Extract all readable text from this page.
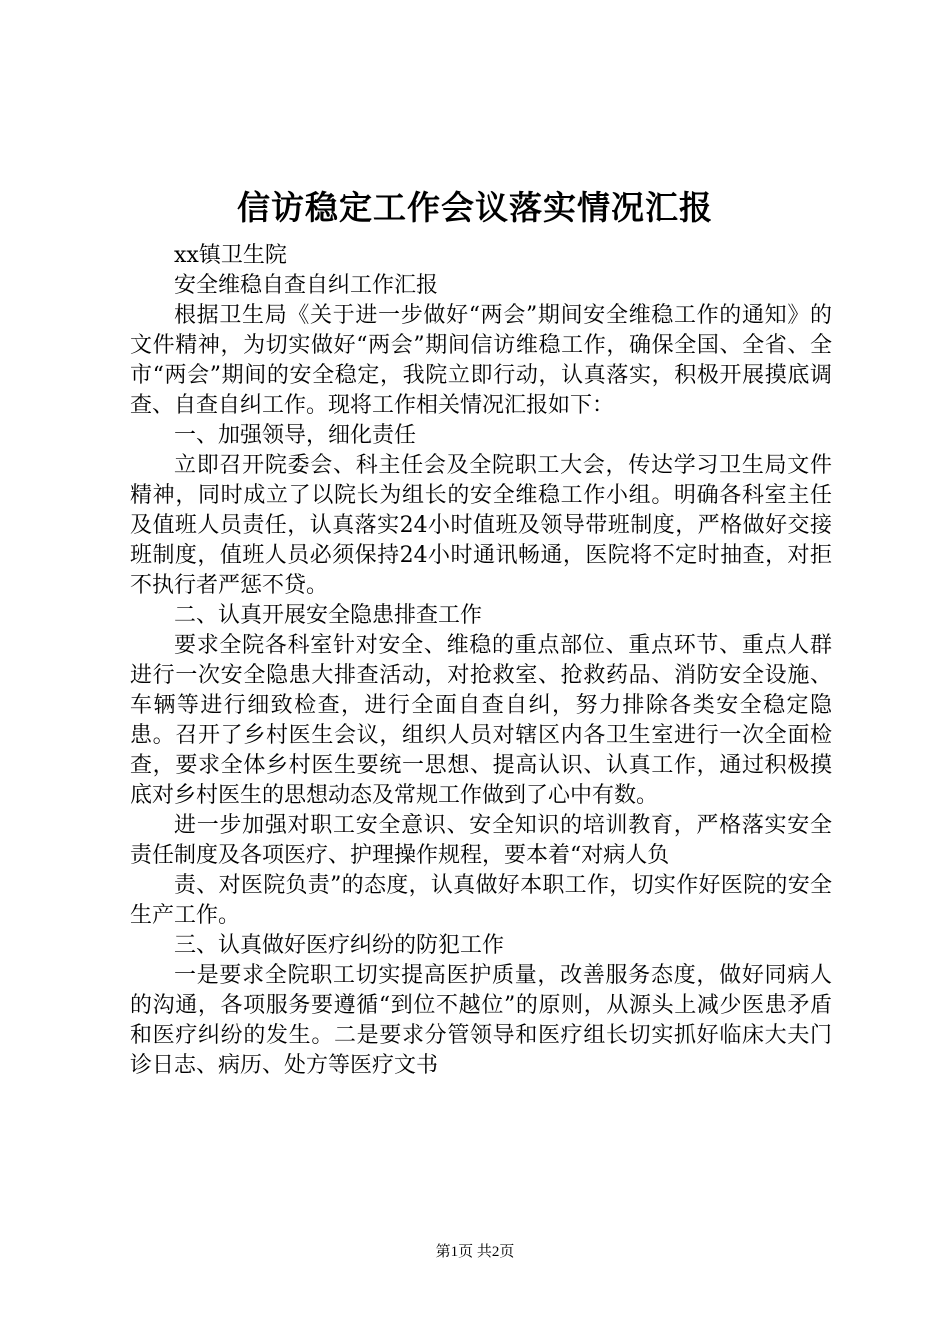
信访稳定工作会议落实情况汇报

xx镇卫生院

安全维稳自查自纠工作汇报

根据卫生局《关于进一步做好“两会”期间安全维稳工作的通知》的文件精神，为切实做好“两会”期间信访维稳工作，确保全国、全省、全市“两会”期间的安全稳定，我院立即行动，认真落实，积极开展摸底调查、自查自纠工作。现将工作相关情况汇报如下：

一、加强领导，细化责任

立即召开院委会、科主任会及全院职工大会，传达学习卫生局文件精神，同时成立了以院长为组长的安全维稳工作小组。明确各科室主任及值班人员责任，认真落实24小时值班及领导带班制度，严格做好交接班制度，值班人员必须保持24小时通讯畅通，医院将不定时抽查，对拒不执行者严惩不贷。

二、认真开展安全隐患排查工作

要求全院各科室针对安全、维稳的重点部位、重点环节、重点人群进行一次安全隐患大排查活动，对抢救室、抢救药品、消防安全设施、车辆等进行细致检查，进行全面自查自纠，努力排除各类安全稳定隐患。召开了乡村医生会议，组织人员对辖区内各卫生室进行一次全面检查，要求全体乡村医生要统一思想、提高认识、认真工作，通过积极摸底对乡村医生的思想动态及常规工作做到了心中有数。

进一步加强对职工安全意识、安全知识的培训教育，严格落实安全责任制度及各项医疗、护理操作规程，要本着“对病人负

责、对医院负责”的态度，认真做好本职工作，切实作好医院的安全生产工作。

三、认真做好医疗纠纷的防犯工作

一是要求全院职工切实提高医护质量，改善服务态度，做好同病人的沟通，各项服务要遵循“到位不越位”的原则，从源头上减少医患矛盾和医疗纠纷的发生。二是要求分管领导和医疗组长切实抓好临床大夫门诊日志、病历、处方等医疗文书

第1页 共2页
